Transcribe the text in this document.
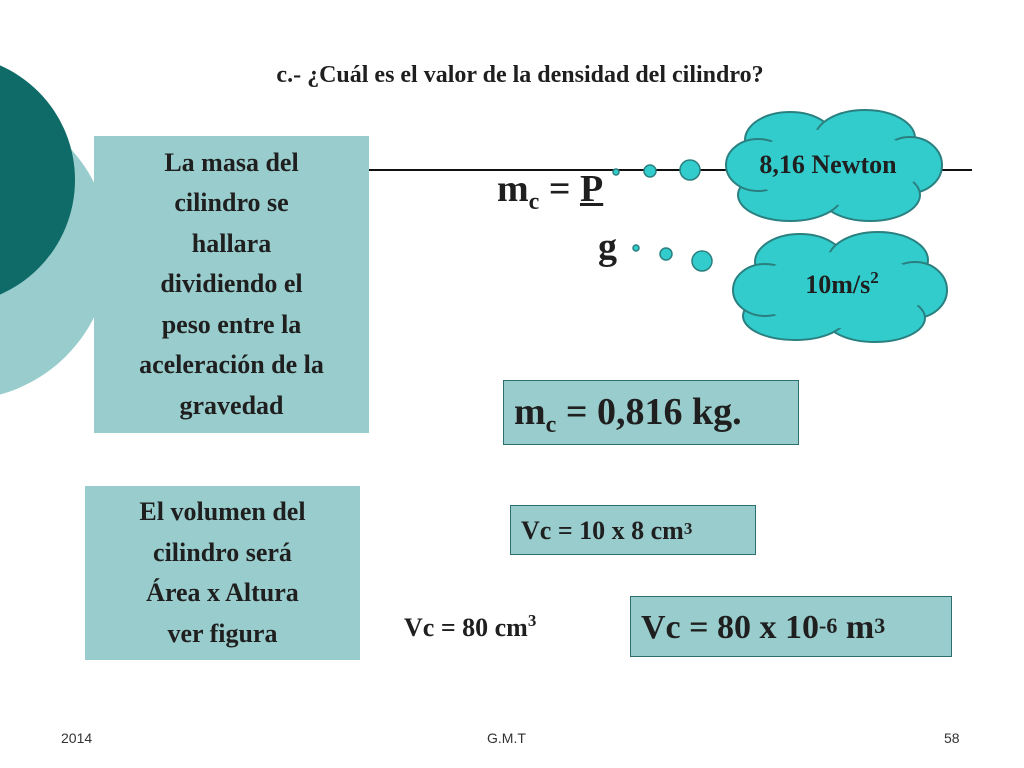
c.- ¿Cuál es el valor de la densidad del cilindro?
La masa del
cilindro se
hallara
dividiendo el
peso entre la
aceleración de la
gravedad
$m_c = P$
g
8,16 Newton
$10m/s^2$
$m_c = 0,816$ kg.
El volumen del
cilindro será
Área x Altura
ver figura
Vc = 10 x 8 $cm^3$
Vc = 80 $cm^3$	Vc = 80 x $10^{-6}$ $m^3$
2014	G.M.T	58
